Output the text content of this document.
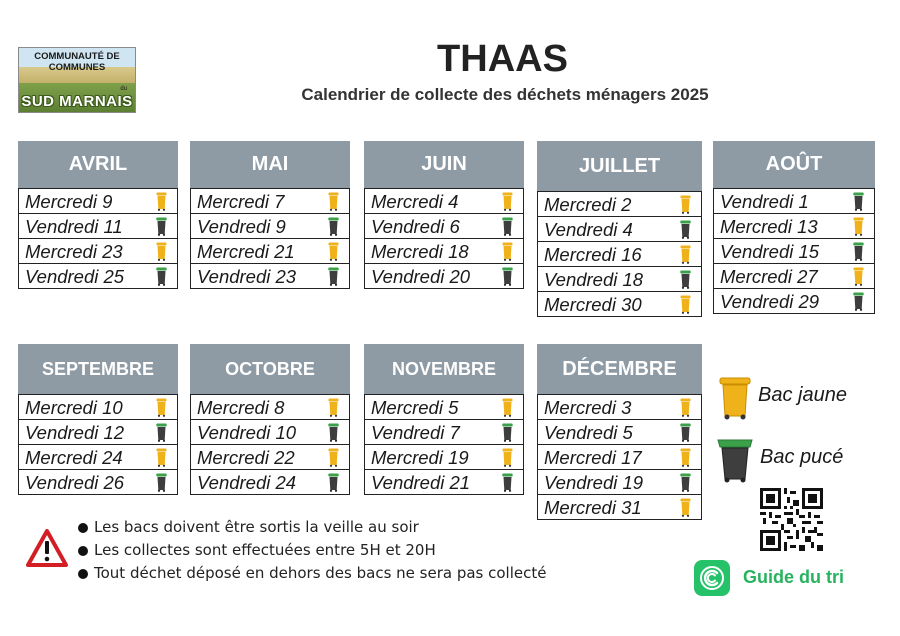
COMMUNAUTÉ DE
COMMUNES
du
SUD MARNAIS
THAAS
Calendrier de collecte des déchets ménagers 2025
AVRIL
Mercredi 9
Vendredi 11
Mercredi 23
Vendredi 25
MAI
Mercredi 7
Vendredi 9
Mercredi 21
Vendredi 23
JUIN
Mercredi 4
Vendredi 6
Mercredi 18
Vendredi 20
JUILLET
Mercredi 2
Vendredi 4
Mercredi 16
Vendredi 18
Mercredi 30
AOÛT
Vendredi 1
Mercredi 13
Vendredi 15
Mercredi 27
Vendredi 29
SEPTEMBRE
Mercredi 10
Vendredi 12
Mercredi 24
Vendredi 26
OCTOBRE
Mercredi 8
Vendredi 10
Mercredi 22
Vendredi 24
NOVEMBRE
Mercredi 5
Vendredi 7
Mercredi 19
Vendredi 21
DÉCEMBRE
Mercredi 3
Vendredi 5
Mercredi 17
Vendredi 19
Mercredi 31
Bac jaune
Bac pucé
Guide du tri
Les bacs doivent être sortis la veille au soir
Les collectes sont effectuées entre 5H et 20H
Tout déchet déposé en dehors des bacs ne sera pas collecté
